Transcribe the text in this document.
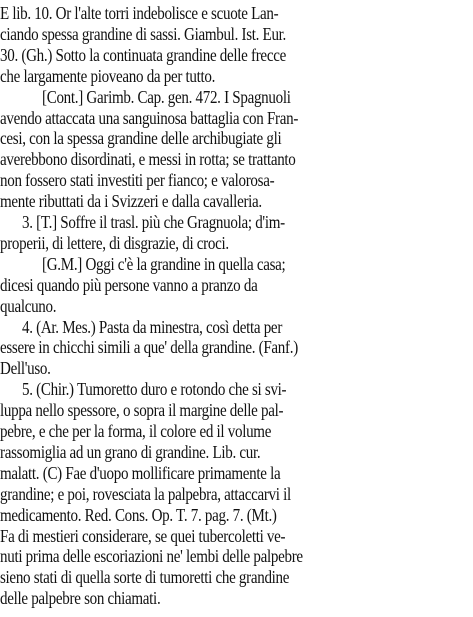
E lib. 10. Or l'alte torri indebolisce e scuote Lan-

ciando spessa grandine di sassi. Giambul. Ist. Eur.

30. (Gh.) Sotto la continuata grandine delle frecce

che largamente pioveano da per tutto.

[Cont.] Garimb. Cap. gen. 472. I Spagnuoli

avendo attaccata una sanguinosa battaglia con Fran-

cesi, con la spessa grandine delle archibugiate gli

averebbono disordinati, e messi in rotta; se trattanto

non fossero stati investiti per fianco; e valorosa-

mente ributtati da i Svizzeri e dalla cavalleria.

3. [T.] Soffre il trasl. più che Gragnuola; d'im-

properii, di lettere, di disgrazie, di croci.

[G.M.] Oggi c'è la grandine in quella casa;

dicesi quando più persone vanno a pranzo da

qualcuno.

4. (Ar. Mes.) Pasta da minestra, così detta per

essere in chicchi simili a que' della grandine. (Fanf.)

Dell'uso.

5. (Chir.) Tumoretto duro e rotondo che si svi-

luppa nello spessore, o sopra il margine delle pal-

pebre, e che per la forma, il colore ed il volume

rassomiglia ad un grano di grandine. Lib. cur.

malatt. (C) Fae d'uopo mollificare primamente la

grandine; e poi, rovesciata la palpebra, attaccarvi il

medicamento. Red. Cons. Op. T. 7. pag. 7. (Mt.)

Fa di mestieri considerare, se quei tubercoletti ve-

nuti prima delle escoriazioni ne' lembi delle palpebre

sieno stati di quella sorte di tumoretti che grandine

delle palpebre son chiamati.
